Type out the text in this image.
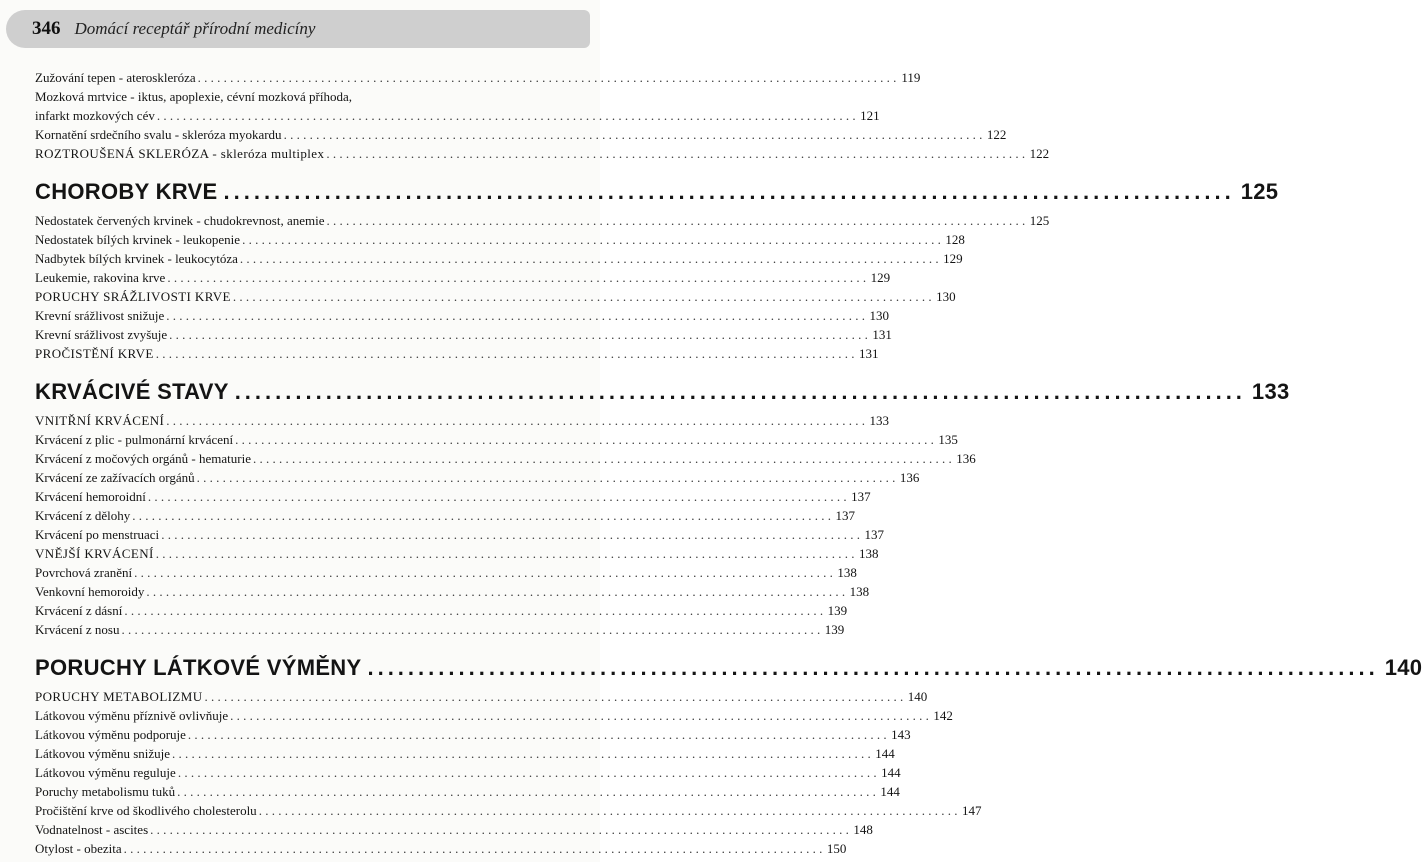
346 Domácí receptář přírodní medicíny
Zužování tepen - ateroskleróza . . .	119
Mozková mrtvice - iktus, apoplexie, cévní mozková příhoda,
infarkt mozkových cév . . .	121
Kornatění srdečního svalu - skleróza myokardu . . .	122
ROZTROUŠENÁ SKLERÓZA - skleróza multiplex . . .	122
CHOROBY KRVE .....	125
Nedostatek červených krvinek - chudokrevnost, anemie . . .	125
Nedostatek bílých krvinek - leukopenie . . .	128
Nadbytek bílých krvinek - leukocytóza . . .	129
Leukemie, rakovina krve . . .	129
PORUCHY SRÁŽLIVOSTI KRVE . . .	130
Krevní srážlivost snižuje . . .	130
Krevní srážlivost zvyšuje . . .	131
PROČISTĚNÍ KRVE . . .	131
KRVÁCIVÉ STAVY .....	133
VNITŘNÍ KRVÁCENÍ . . .	133
Krvácení z plic - pulmonární krvácení . . .	135
Krvácení z močových orgánů - hematurie . . .	136
Krvácení ze zažívacích orgánů . . .	136
Krvácení hemoroidní . . .	137
Krvácení z dělohy . . .	137
Krvácení po menstruaci . . .	137
VNĚJŠÍ KRVÁCENÍ . . .	138
Povrchová zranění . . .	138
Venkovní hemoroidy . . .	138
Krvácení z dásní . . .	139
Krvácení z nosu . . .	139
PORUCHY LÁTKOVÉ VÝMĚNY .....	140
PORUCHY METABOLIZMU . . .	140
Látkovou výměnu příznivě ovlivňuje . . .	142
Látkovou výměnu podporuje . . .	143
Látkovou výměnu snižuje . . .	144
Látkovou výměnu reguluje . . .	144
Poruchy metabolismu tuků . . .	144
Pročištění krve od škodlivého cholesterolu . . .	147
Vodnatelnost - ascites . . .	148
Otylost - obezita . . .	150
